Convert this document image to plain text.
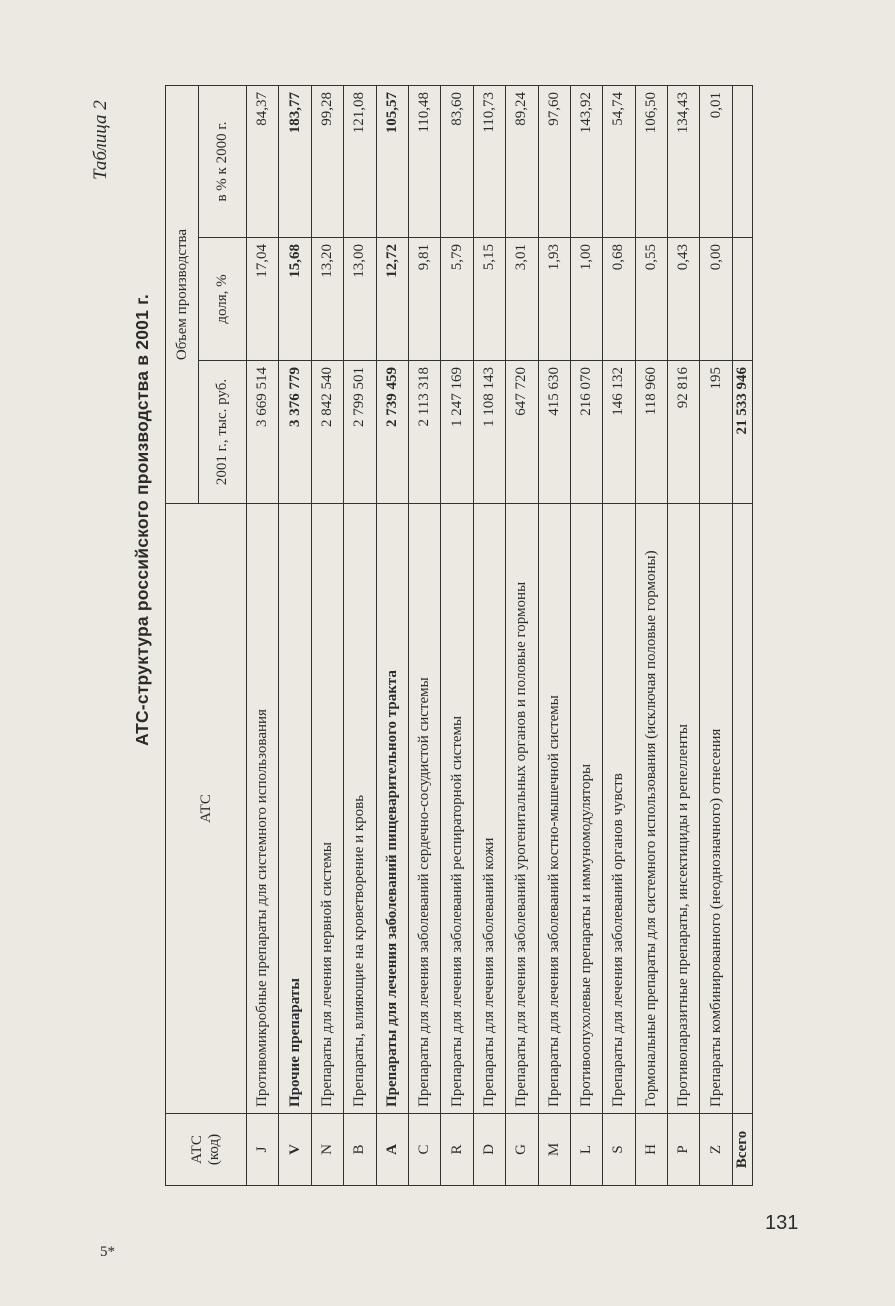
Таблица 2
АТС-структура российского производства в 2001 г.
АТС
(код)	АТС	Объем производства		
		2001 г., тыс. руб.	доля, %	в % к 2000 г.
J	Противомикробные препараты для системного использования	3 669 514	17,04	84,37
V	Прочие препараты	3 376 779	15,68	183,77
N	Препараты для лечения нервной системы	2 842 540	13,20	99,28
B	Препараты, влияющие на кроветворение и кровь	2 799 501	13,00	121,08
A	Препараты для лечения заболеваний пищеварительного тракта	2 739 459	12,72	105,57
C	Препараты для лечения заболеваний сердечно-сосудистой системы	2 113 318	9,81	110,48
R	Препараты для лечения заболеваний респираторной системы	1 247 169	5,79	83,60
D	Препараты для лечения заболеваний кожи	1 108 143	5,15	110,73
G	Препараты для лечения заболеваний урогенитальных органов и половые гормоны	647 720	3,01	89,24
M	Препараты для лечения заболеваний костно-мышечной системы	415 630	1,93	97,60
L	Противоопухолевые препараты и иммуномодуляторы	216 070	1,00	143,92
S	Препараты для лечения заболеваний органов чувств	146 132	0,68	54,74
H	Гормональные препараты для системного использования (исключая половые гормоны)	118 960	0,55	106,50
P	Противопаразитные препараты, инсектициды и репелленты	92 816	0,43	134,43
Z	Препараты комбинированного (неоднозначного) отнесения	195	0,00	0,01
Всего		21 533 946		
131
5*
